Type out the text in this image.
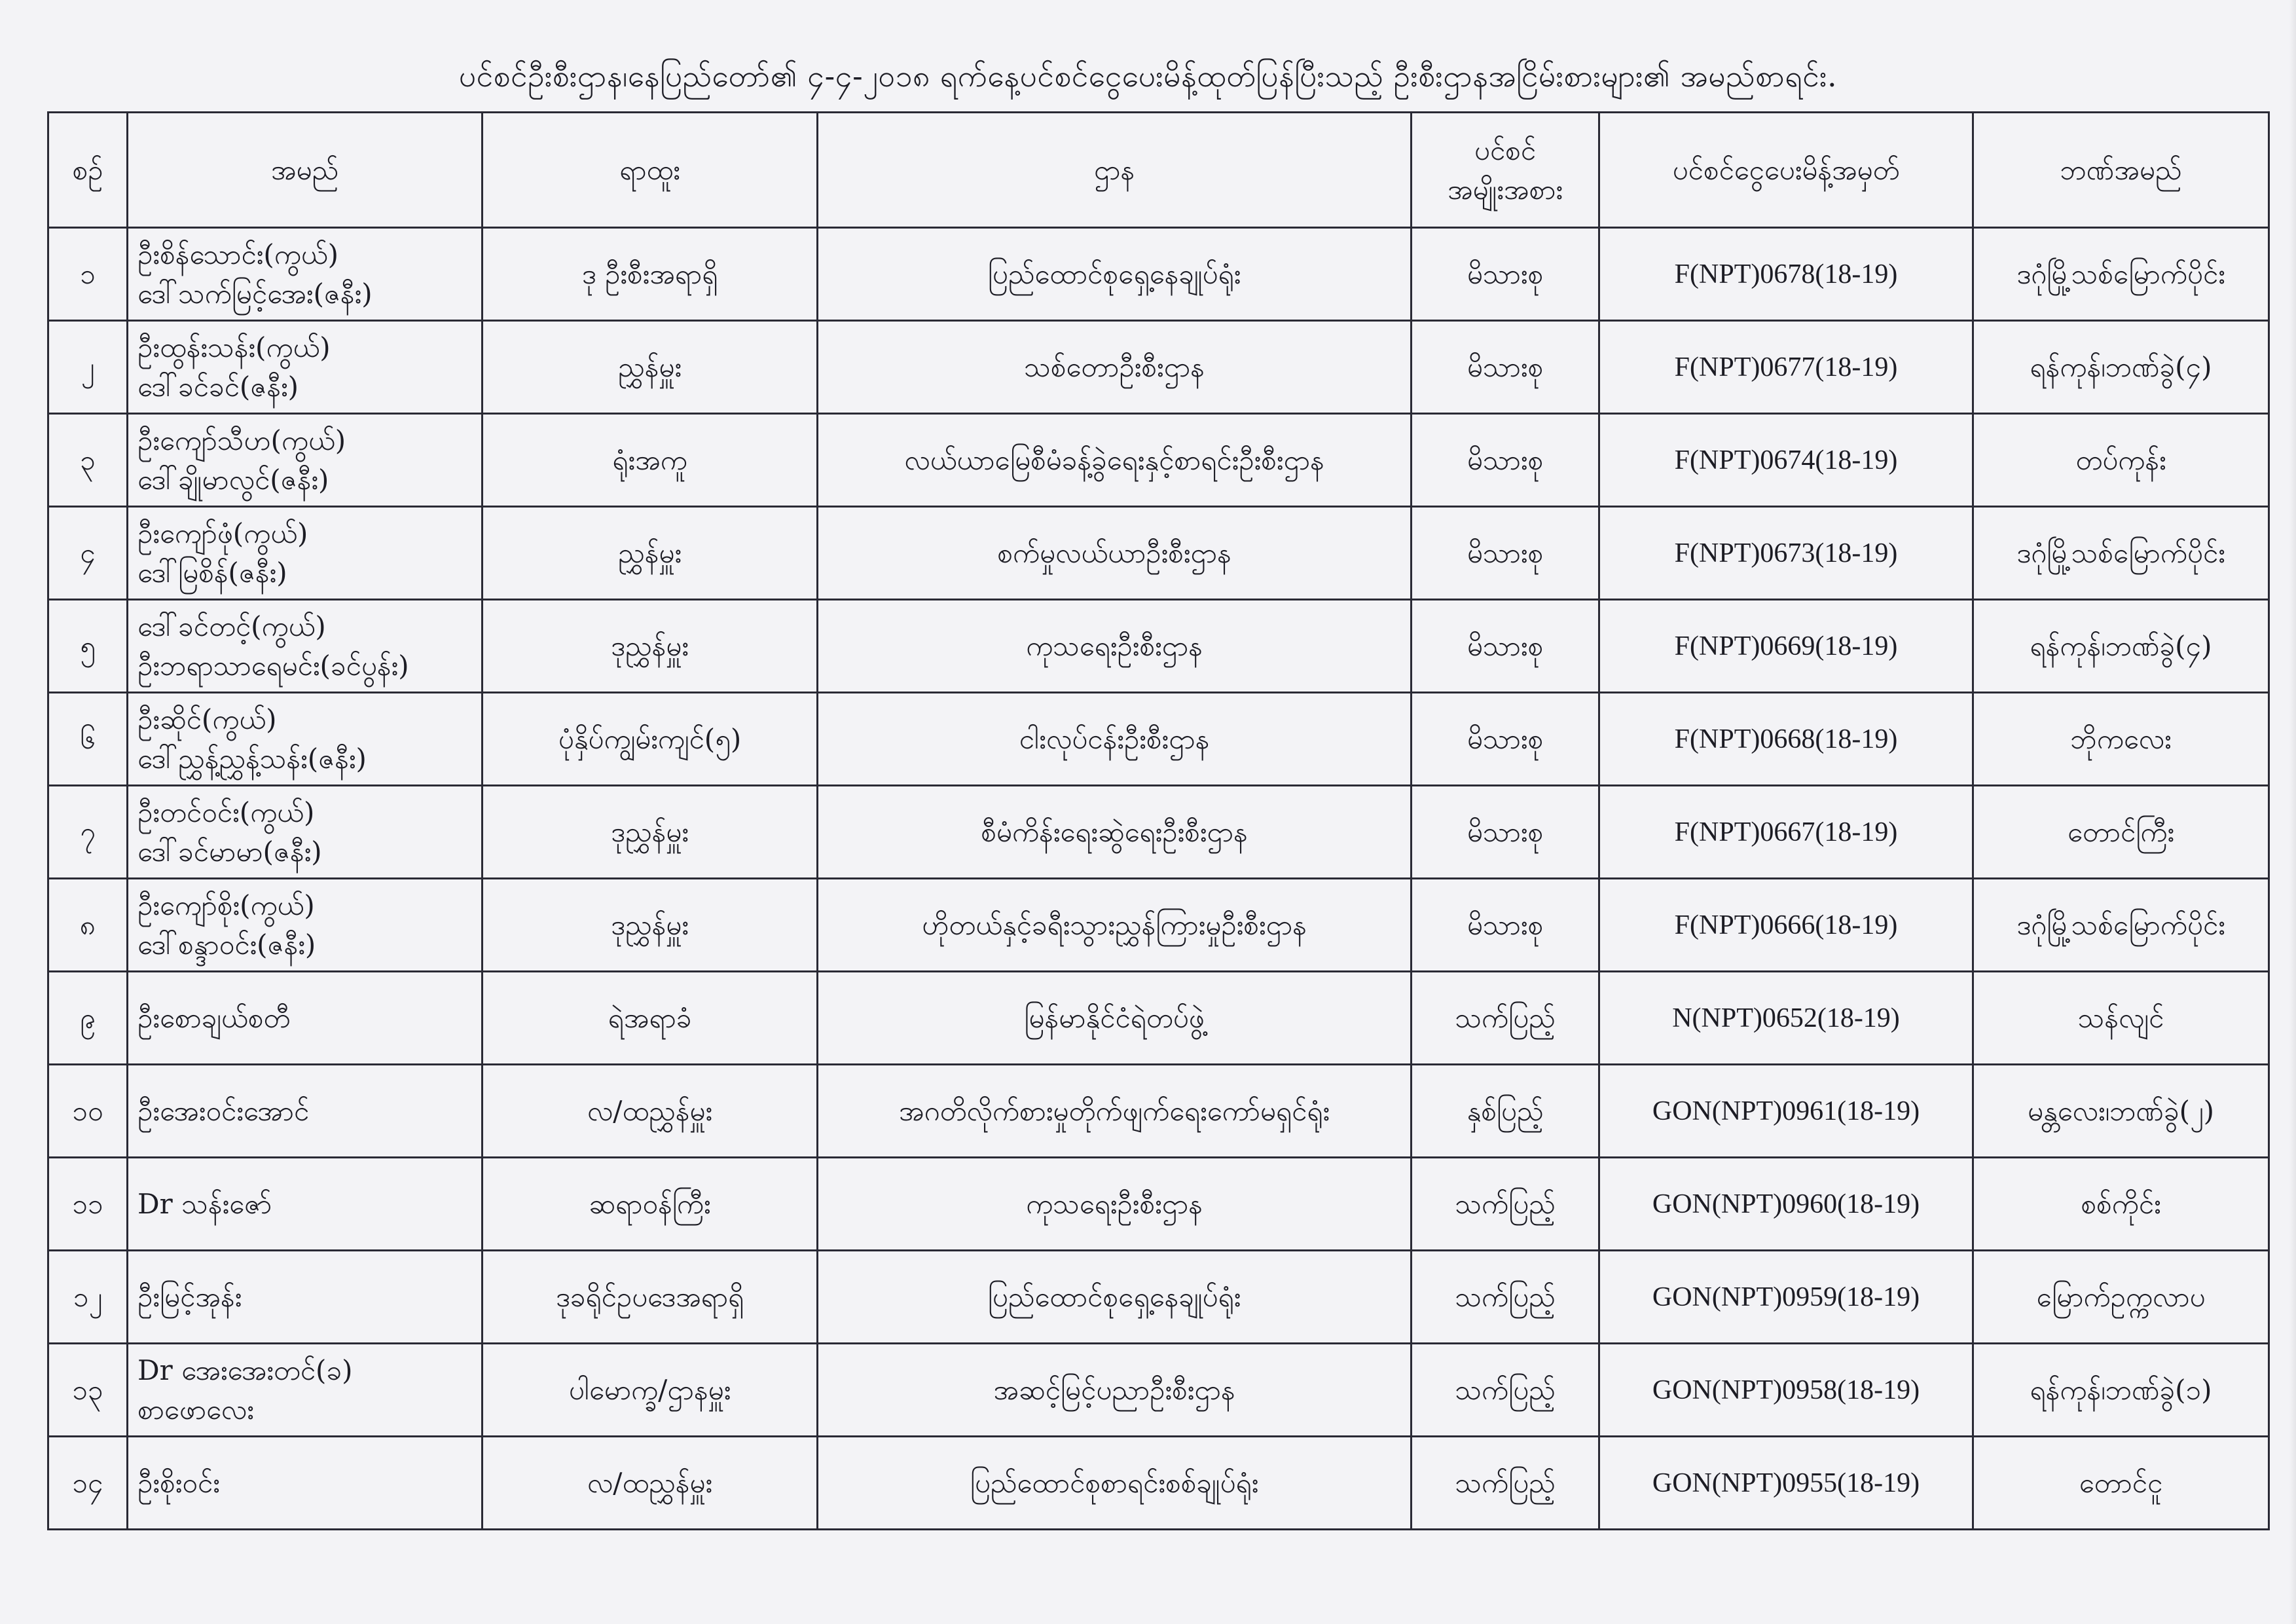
ပင်စင်ဦးစီးဌာန၊နေပြည်တော်၏ ၄-၄-၂၀၁၈ ရက်နေ့ပင်စင်ငွေပေးမိန့်ထုတ်ပြန်ပြီးသည့် ဦးစီးဌာနအငြိမ်းစားများ၏ အမည်စာရင်း.
စဉ်	အမည်	ရာထူး	ဌာန	ပင်စင်
အမျိုးအစား	ပင်စင်ငွေပေးမိန့်အမှတ်	ဘဏ်အမည်
၁	ဦးစိန်သောင်း(ကွယ်)
ဒေါ်သက်မြင့်အေး(ဇနီး)	ဒု ဦးစီးအရာရှိ	ပြည်ထောင်စုရှေ့နေချုပ်ရုံး	မိသားစု	F(NPT)0678(18-19)	ဒဂုံမြို့သစ်မြောက်ပိုင်း
၂	ဦးထွန်းသန်း(ကွယ်)
ဒေါ်ခင်ခင်(ဇနီး)	ညွှန်မှူး	သစ်တောဦးစီးဌာန	မိသားစု	F(NPT)0677(18-19)	ရန်ကုန်၊ဘဏ်ခွဲ(၄)
၃	ဦးကျော်သီဟ(ကွယ်)
ဒေါ်ချိုမာလွင်(ဇနီး)	ရုံးအကူ	လယ်ယာမြေစီမံခန့်ခွဲရေးနှင့်စာရင်းဦးစီးဌာန	မိသားစု	F(NPT)0674(18-19)	တပ်ကုန်း
၄	ဦးကျော်ဖုံ(ကွယ်)
ဒေါ်မြစိန်(ဇနီး)	ညွှန်မှူး	စက်မှုလယ်ယာဦးစီးဌာန	မိသားစု	F(NPT)0673(18-19)	ဒဂုံမြို့သစ်မြောက်ပိုင်း
၅	ဒေါ်ခင်တင့်(ကွယ်)
ဦးဘရာသာရေမင်း(ခင်ပွန်း)	ဒုညွှန်မှူး	ကုသရေးဦးစီးဌာန	မိသားစု	F(NPT)0669(18-19)	ရန်ကုန်၊ဘဏ်ခွဲ(၄)
၆	ဦးဆိုင်(ကွယ်)
ဒေါ်ညွှန့်ညွှန့်သန်း(ဇနီး)	ပုံနှိပ်ကျွမ်းကျင်(၅)	ငါးလုပ်ငန်းဦးစီးဌာန	မိသားစု	F(NPT)0668(18-19)	ဘိုကလေး
၇	ဦးတင်ဝင်း(ကွယ်)
ဒေါ်ခင်မာမာ(ဇနီး)	ဒုညွှန်မှူး	စီမံကိန်းရေးဆွဲရေးဦးစီးဌာန	မိသားစု	F(NPT)0667(18-19)	တောင်ကြီး
၈	ဦးကျော်စိုး(ကွယ်)
ဒေါ်စန္ဒာဝင်း(ဇနီး)	ဒုညွှန်မှူး	ဟိုတယ်နှင့်ခရီးသွားညွှန်ကြားမှုဦးစီးဌာန	မိသားစု	F(NPT)0666(18-19)	ဒဂုံမြို့သစ်မြောက်ပိုင်း
၉	ဦးစောချယ်စတီ	ရဲအရာခံ	မြန်မာနိုင်ငံရဲတပ်ဖွဲ့	သက်ပြည့်	N(NPT)0652(18-19)	သန်လျင်
၁၀	ဦးအေးဝင်းအောင်	လ/ထညွှန်မှူး	အဂတိလိုက်စားမှုတိုက်ဖျက်ရေးကော်မရှင်ရုံး	နှစ်ပြည့်	GON(NPT)0961(18-19)	မန္တလေး၊ဘဏ်ခွဲ(၂)
၁၁	Dr သန်းဇော်	ဆရာဝန်ကြီး	ကုသရေးဦးစီးဌာန	သက်ပြည့်	GON(NPT)0960(18-19)	စစ်ကိုင်း
၁၂	ဦးမြင့်အုန်း	ဒုခရိုင်ဥပဒေအရာရှိ	ပြည်ထောင်စုရှေ့နေချုပ်ရုံး	သက်ပြည့်	GON(NPT)0959(18-19)	မြောက်ဥက္ကလာပ
၁၃	Dr အေးအေးတင်(ခ)
စာဖောလေး	ပါမောက္ခ/ဌာနမှူး	အဆင့်မြင့်ပညာဦးစီးဌာန	သက်ပြည့်	GON(NPT)0958(18-19)	ရန်ကုန်၊ဘဏ်ခွဲ(၁)
၁၄	ဦးစိုးဝင်း	လ/ထညွှန်မှူး	ပြည်ထောင်စုစာရင်းစစ်ချုပ်ရုံး	သက်ပြည့်	GON(NPT)0955(18-19)	တောင်ငူ
